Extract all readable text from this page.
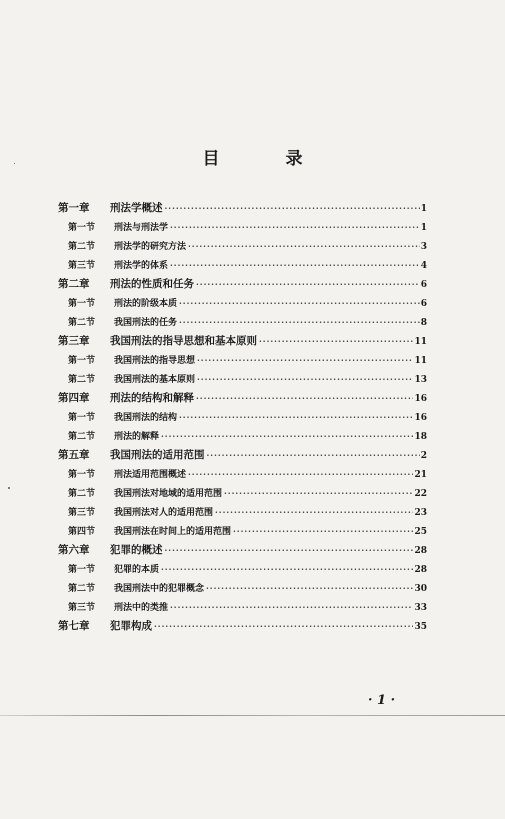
目 录
第一章	刑法学概述 ·····	1
第一节	刑法与刑法学 ·····	1
第二节	刑法学的研究方法 ·····	3
第三节	刑法学的体系 ·····	4
第二章	刑法的性质和任务 ·····	6
第一节	刑法的阶级本质 ·····	6
第二节	我国刑法的任务 ·····	8
第三章	我国刑法的指导思想和基本原则 ·····	11
第一节	我国刑法的指导思想 ·····	11
第二节	我国刑法的基本原则 ·····	13
第四章	刑法的结构和解释 ·····	16
第一节	我国刑法的结构 ·····	16
第二节	刑法的解释 ·····	18
第五章	我国刑法的适用范围 ·····	2
第一节	刑法适用范围概述 ·····	21
第二节	我国刑法对地域的适用范围 ·····	22
第三节	我国刑法对人的适用范围 ·····	23
第四节	我国刑法在时间上的适用范围 ·····	25
第六章	犯罪的概述 ·····	28
第一节	犯罪的本质 ·····	28
第二节	我国刑法中的犯罪概念 ·····	30
第三节	刑法中的类推 ·····	33
第七章	犯罪构成 ·····	35
· 1 ·
